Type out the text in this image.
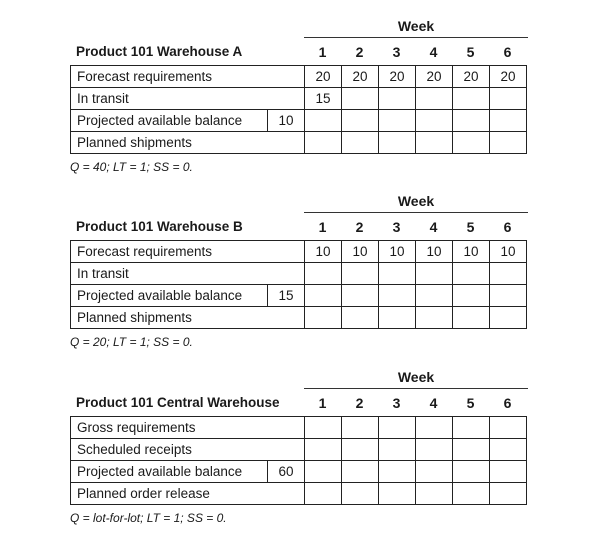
Week
Product 101 Warehouse A	1	2	3	4	5	6
Forecast requirements		20	20	20	20	20	20
In transit		15					
Projected available balance	10						
Planned shipments							
Q = 40; LT = 1; SS = 0.
Week
Product 101 Warehouse B	1	2	3	4	5	6
Forecast requirements		10	10	10	10	10	10
In transit							
Projected available balance	15						
Planned shipments							
Q = 20; LT = 1; SS = 0.
Week
Product 101 Central Warehouse	1	2	3	4	5	6
Gross requirements							
Scheduled receipts							
Projected available balance	60						
Planned order release							
Q = lot-for-lot; LT = 1; SS = 0.
